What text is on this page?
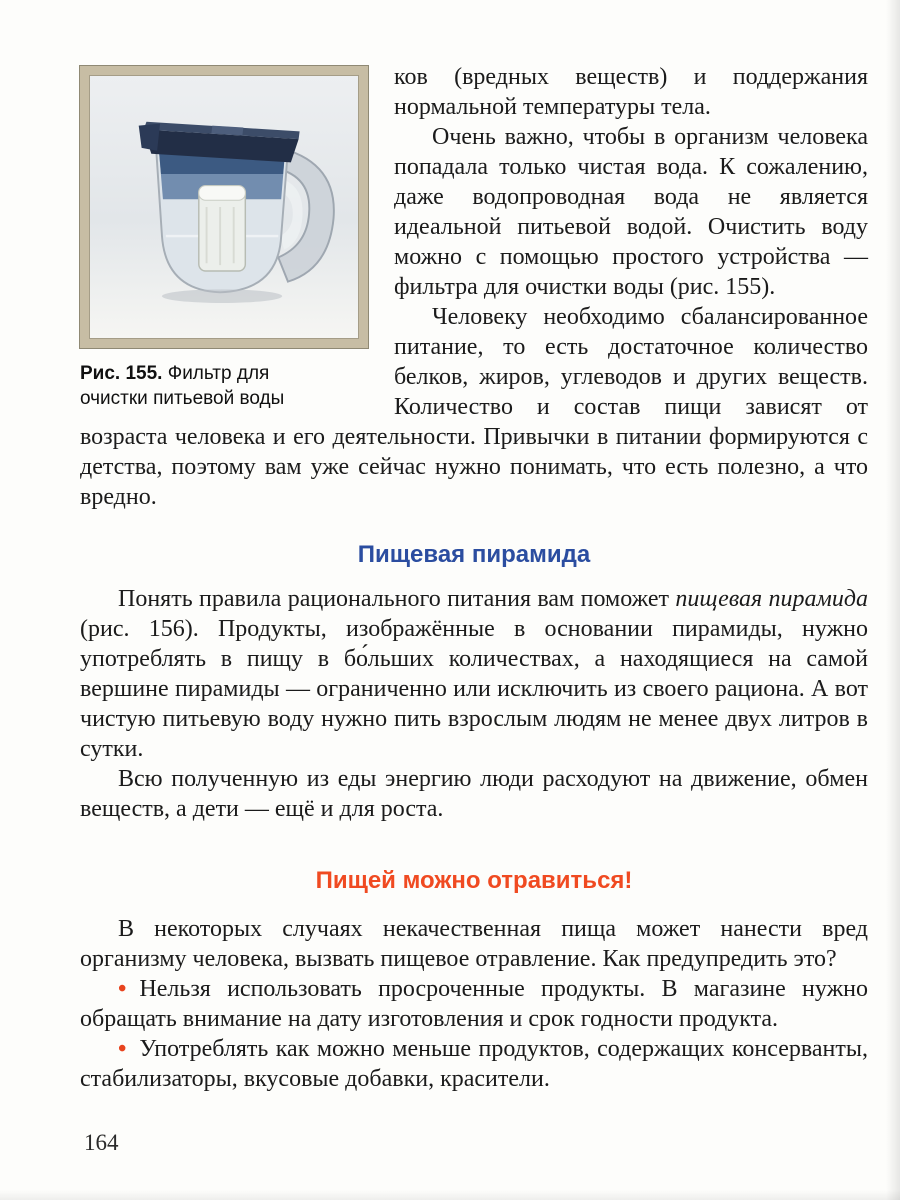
Рис. 155. Фильтр для очистки питьевой воды

ков (вредных веществ) и поддержания нормальной температуры тела.

Очень важно, чтобы в организм человека попадала только чистая вода. К сожалению, даже водопроводная вода не является идеальной питьевой водой. Очистить воду можно с помощью простого устройства — фильтра для очистки воды (рис. 155).

Человеку необходимо сбалансированное питание, то есть достаточное количество белков, жиров, углеводов и других веществ. Количество и состав пищи зависят от возраста человека и его деятельности. Привычки в питании формируются с детства, поэтому вам уже сейчас нужно понимать, что есть полезно, а что вредно.

Пищевая пирамида

Понять правила рационального питания вам поможет пищевая пирамида (рис. 156). Продукты, изображённые в основании пирамиды, нужно употреблять в пищу в бо́льших количествах, а находящиеся на самой вершине пирамиды — ограниченно или исключить из своего рациона. А вот чистую питьевую воду нужно пить взрослым людям не менее двух литров в сутки.

Всю полученную из еды энергию люди расходуют на движение, обмен веществ, а дети — ещё и для роста.

Пищей можно отравиться!

В некоторых случаях некачественная пища может нанести вред организму человека, вызвать пищевое отравление. Как предупредить это?

• Нельзя использовать просроченные продукты. В магазине нужно обращать внимание на дату изготовления и срок годности продукта.

• Употреблять как можно меньше продуктов, содержащих консерванты, стабилизаторы, вкусовые добавки, красители.

164
